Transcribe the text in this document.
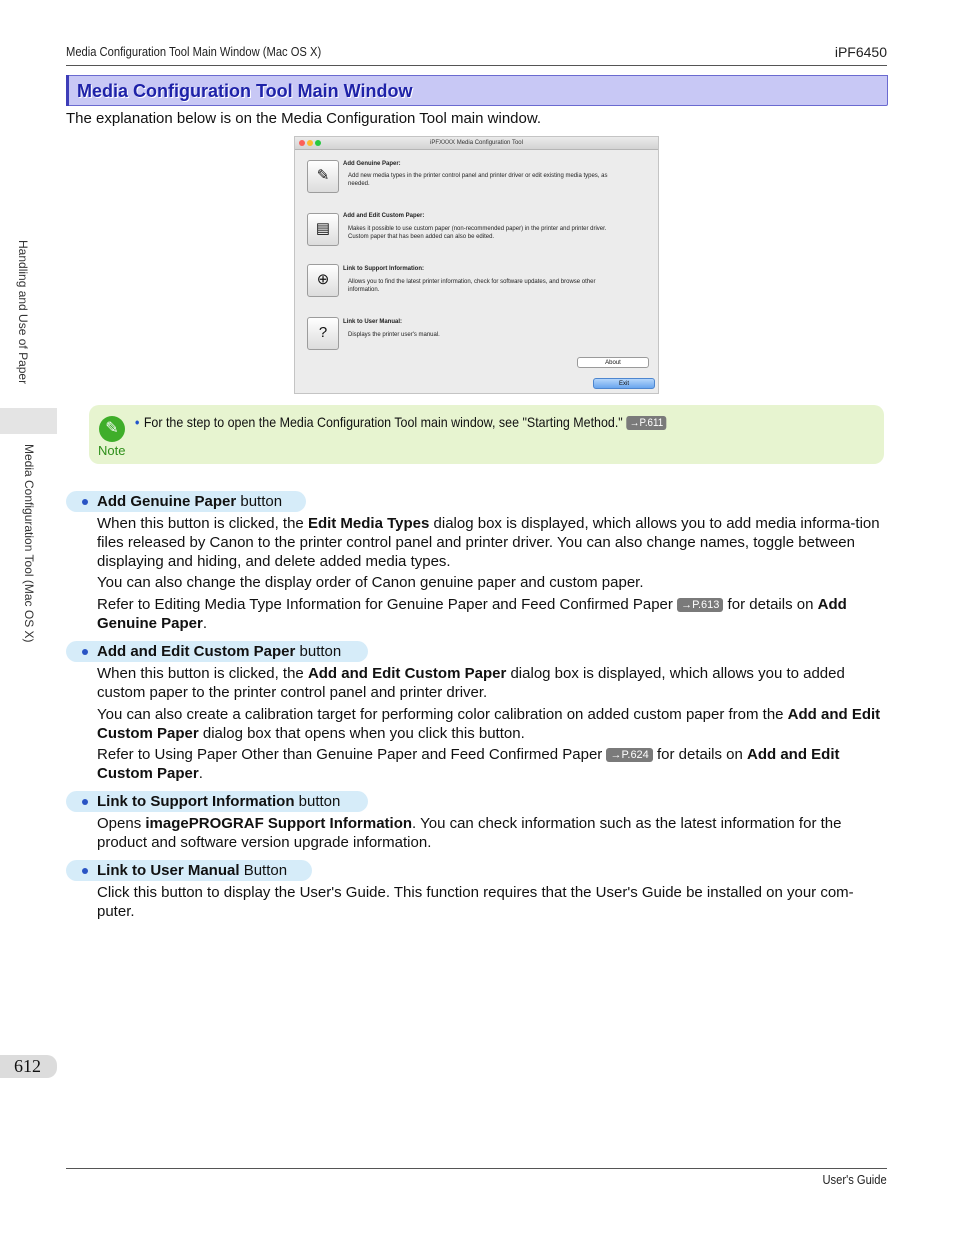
Media Configuration Tool Main Window (Mac OS X)	iPF6450
Media Configuration Tool Main Window
The explanation below is on the Media Configuration Tool main window.
iPFXXXX Media Configuration Tool
✎
Add Genuine Paper:
Add new media types in the printer control panel and printer driver or edit existing media types, as needed.
▤
Add and Edit Custom Paper:
Makes it possible to use custom paper (non-recommended paper) in the printer and printer driver. Custom paper that has been added can also be edited.
⊕
Link to Support Information:
Allows you to find the latest printer information, check for software updates, and browse other information.
?
Link to User Manual:
Displays the printer user's manual.
About
Exit
✎
Note
• For the step to open the Media Configuration Tool main window, see "Starting Method." →P.611
Add Genuine Paper button
When this button is clicked, the Edit Media Types dialog box is displayed, which allows you to add media informa-tion files released by Canon to the printer control panel and printer driver. You can also change names, toggle between displaying and hiding, and delete added media types.
You can also change the display order of Canon genuine paper and custom paper.
Refer to Editing Media Type Information for Genuine Paper and Feed Confirmed Paper →P.613 for details on Add Genuine Paper.
Add and Edit Custom Paper button
When this button is clicked, the Add and Edit Custom Paper dialog box is displayed, which allows you to added custom paper to the printer control panel and printer driver.
You can also create a calibration target for performing color calibration on added custom paper from the Add and Edit Custom Paper dialog box that opens when you click this button.
Refer to Using Paper Other than Genuine Paper and Feed Confirmed Paper →P.624 for details on Add and Edit Custom Paper.
Link to Support Information button
Opens imagePROGRAF Support Information. You can check information such as the latest information for the product and software version upgrade information.
Link to User Manual Button
Click this button to display the User's Guide. This function requires that the User's Guide be installed on your com-puter.
Handling and Use of Paper
Media Configuration Tool (Mac OS X)
612
User's Guide
